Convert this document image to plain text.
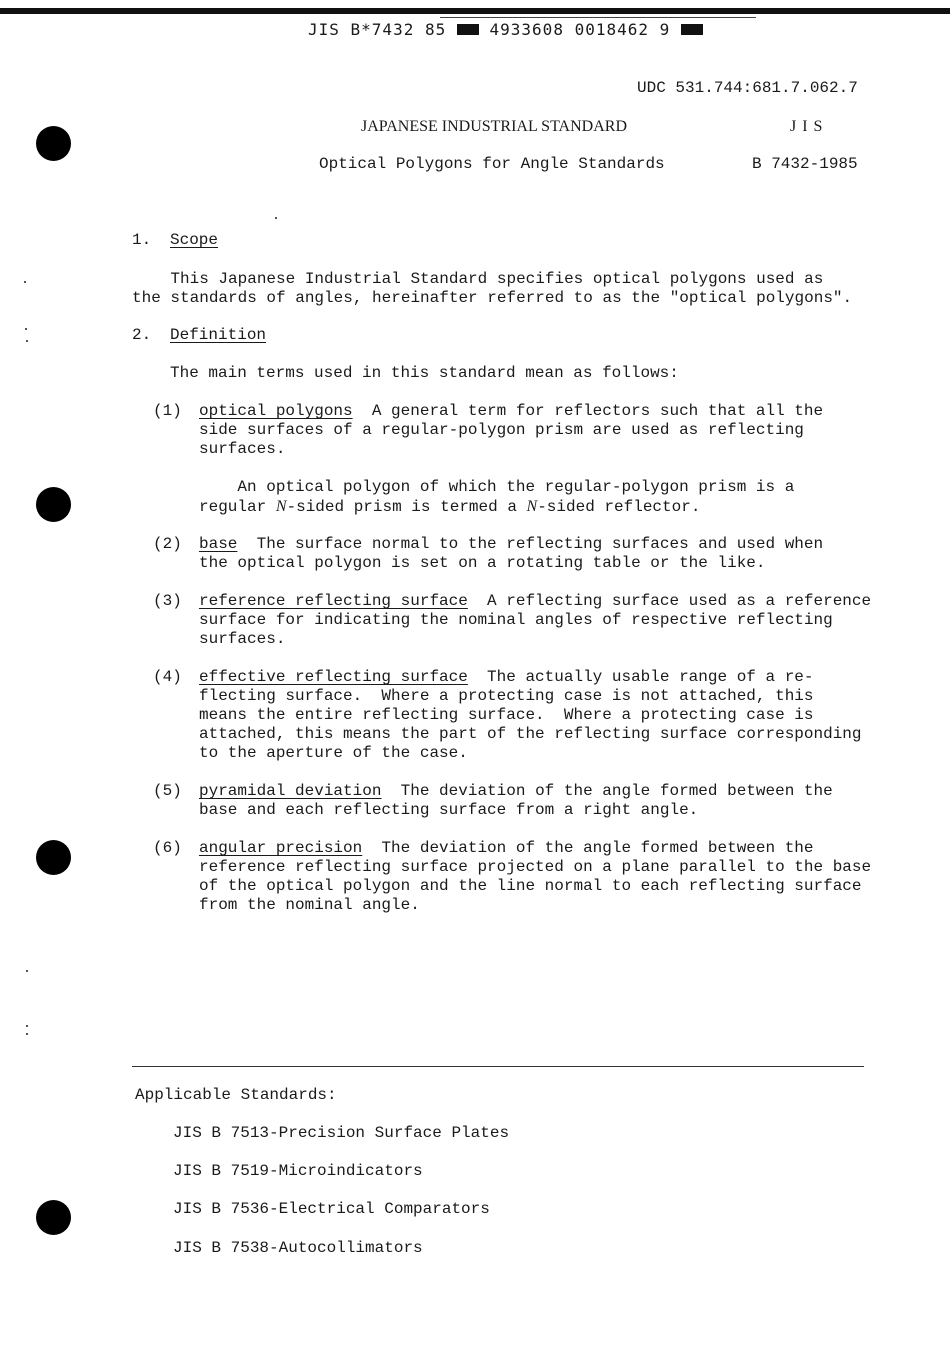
JIS B*7432 85	4933608 0018462 9
UDC 531.744:681.7.062.7
JAPANESE INDUSTRIAL STANDARD	J I S
Optical Polygons for Angle Standards	B 7432-1985
1. Scope
This Japanese Industrial Standard specifies optical polygons used as
the standards of angles, hereinafter referred to as the "optical polygons".
2. Definition
The main terms used in this standard mean as follows:
(1) optical polygons  A general term for reflectors such that all the
side surfaces of a regular-polygon prism are used as reflecting
surfaces.
An optical polygon of which the regular-polygon prism is a
regular N-sided prism is termed a N-sided reflector.
(2) base  The surface normal to the reflecting surfaces and used when
the optical polygon is set on a rotating table or the like.
(3) reference reflecting surface  A reflecting surface used as a reference
surface for indicating the nominal angles of respective reflecting
surfaces.
(4) effective reflecting surface  The actually usable range of a re-
flecting surface.  Where a protecting case is not attached, this
means the entire reflecting surface.  Where a protecting case is
attached, this means the part of the reflecting surface corresponding
to the aperture of the case.
(5) pyramidal deviation  The deviation of the angle formed between the
base and each reflecting surface from a right angle.
(6) angular precision  The deviation of the angle formed between the
reference reflecting surface projected on a plane parallel to the base
of the optical polygon and the line normal to each reflecting surface
from the nominal angle.
Applicable Standards:
JIS B 7513-Precision Surface Plates
JIS B 7519-Microindicators
JIS B 7536-Electrical Comparators
JIS B 7538-Autocollimators
